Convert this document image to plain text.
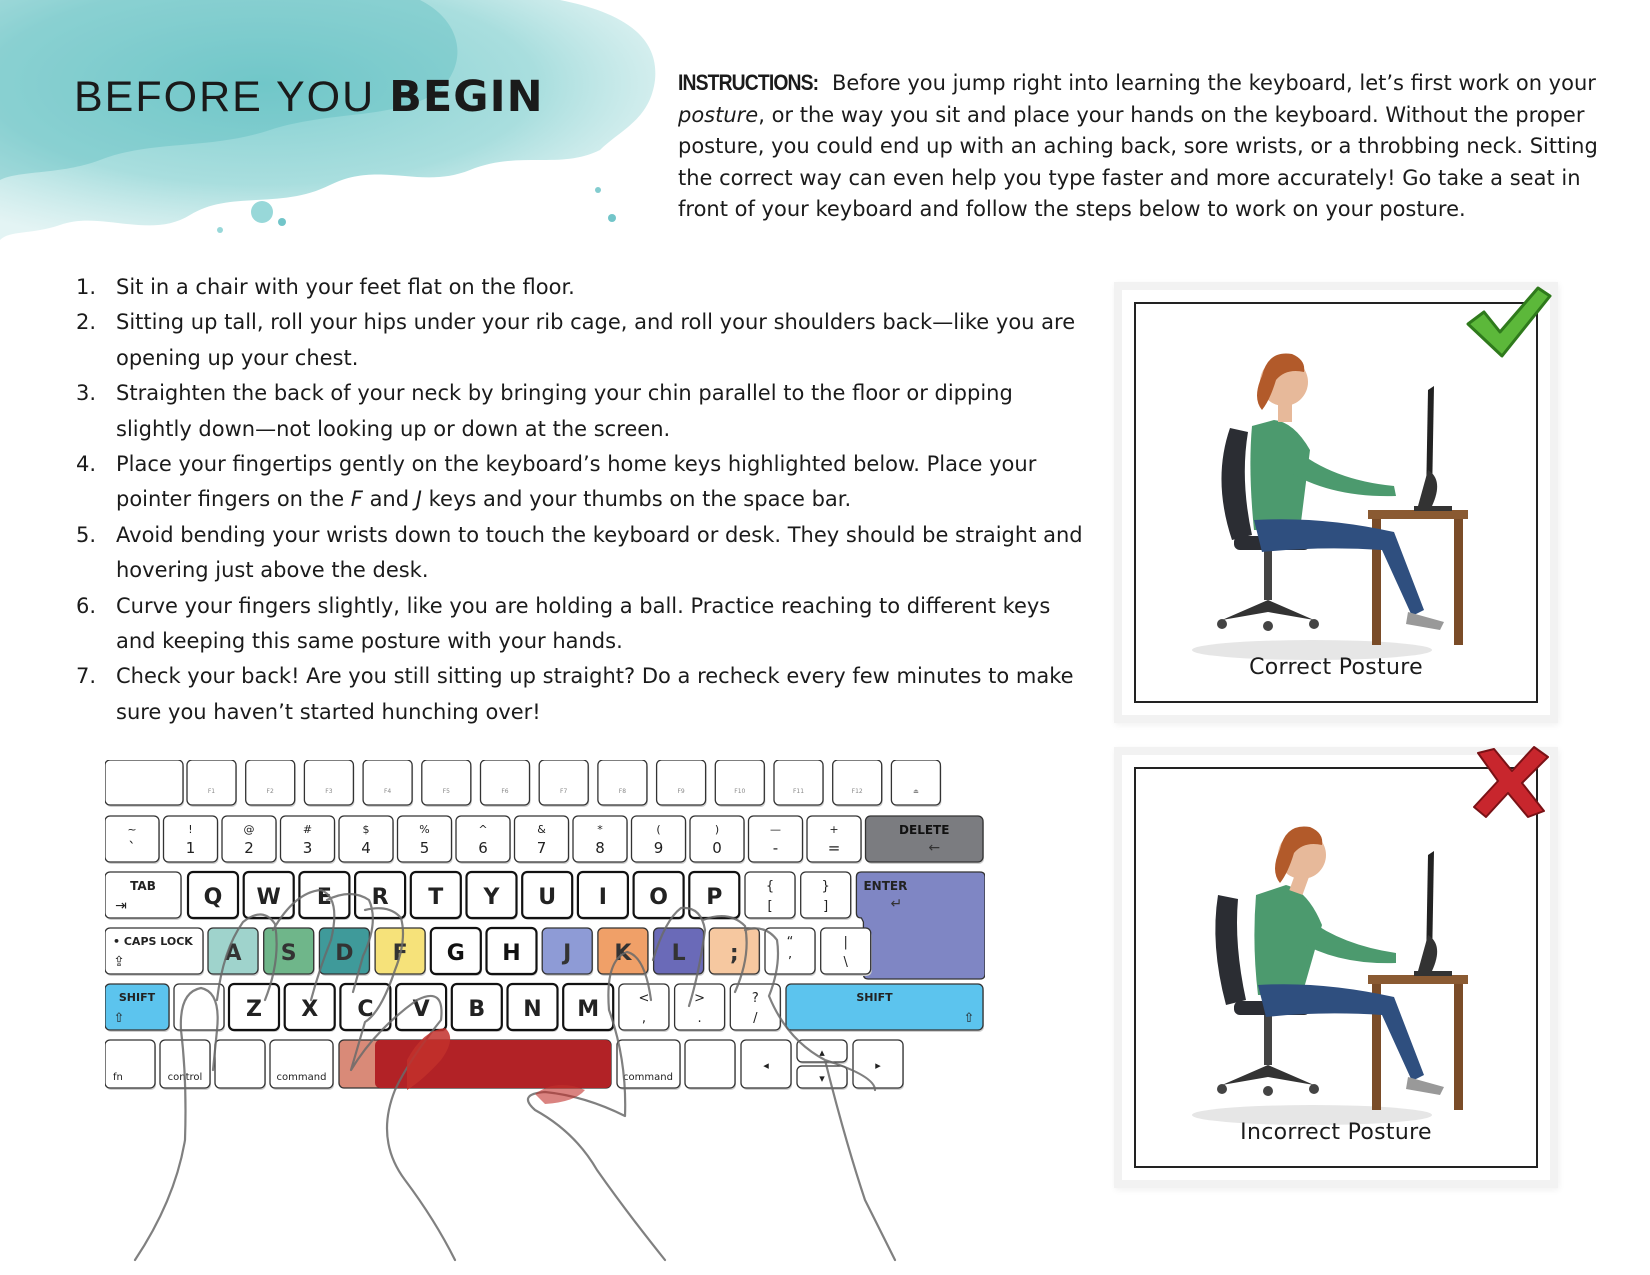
BEFORE YOU BEGIN	INSTRUCTIONS: Before you jump right into learning the keyboard, let’s first work on your posture, or the way you sit and place your hands on the keyboard. Without the proper posture, you could end up with an aching back, sore wrists, or a throbbing neck. Sitting the correct way can even help you type faster and more accurately! Go take a seat in front of your keyboard and follow the steps below to work on your posture.

1. Sit in a chair with your feet flat on the floor.
2. Sitting up tall, roll your hips under your rib cage, and roll your shoulders back—like you are opening up your chest.
3. Straighten the back of your neck by bringing your chin parallel to the floor or dipping slightly down—not looking up or down at the screen.
4. Place your fingertips gently on the keyboard’s home keys highlighted below. Place your pointer fingers on the F and J keys and your thumbs on the space bar.
5. Avoid bending your wrists down to touch the keyboard or desk. They should be straight and hovering just above the desk.
6. Curve your fingers slightly, like you are holding a ball. Practice reaching to different keys and keeping this same posture with your hands.
7. Check your back! Are you still sitting up straight? Do a recheck every few minutes to make sure you haven’t started hunching over!
Correct Posture
Incorrect Posture
F1	F2	F3	F4	F5	F6	F7	F8	F9	F10	F11	F12	⏏
~
`
!
1
@
2
#
3
$
4
%
5
^
6
&
7
*
8
(
9
)
0
—
-
+
=
DELETE
←
TAB
⇥	Q W E R T Y U I O P	{
[
}
]
ENTER
↵
• CAPS LOCK
⇪	A S D F G H J K L ;	“
’
|
\
SHIFT
⇧	Z X C V B N M	<
,
>
.
?
/
SHIFT
⇧
fn	control	command	command
◂
▴
▾
▸
